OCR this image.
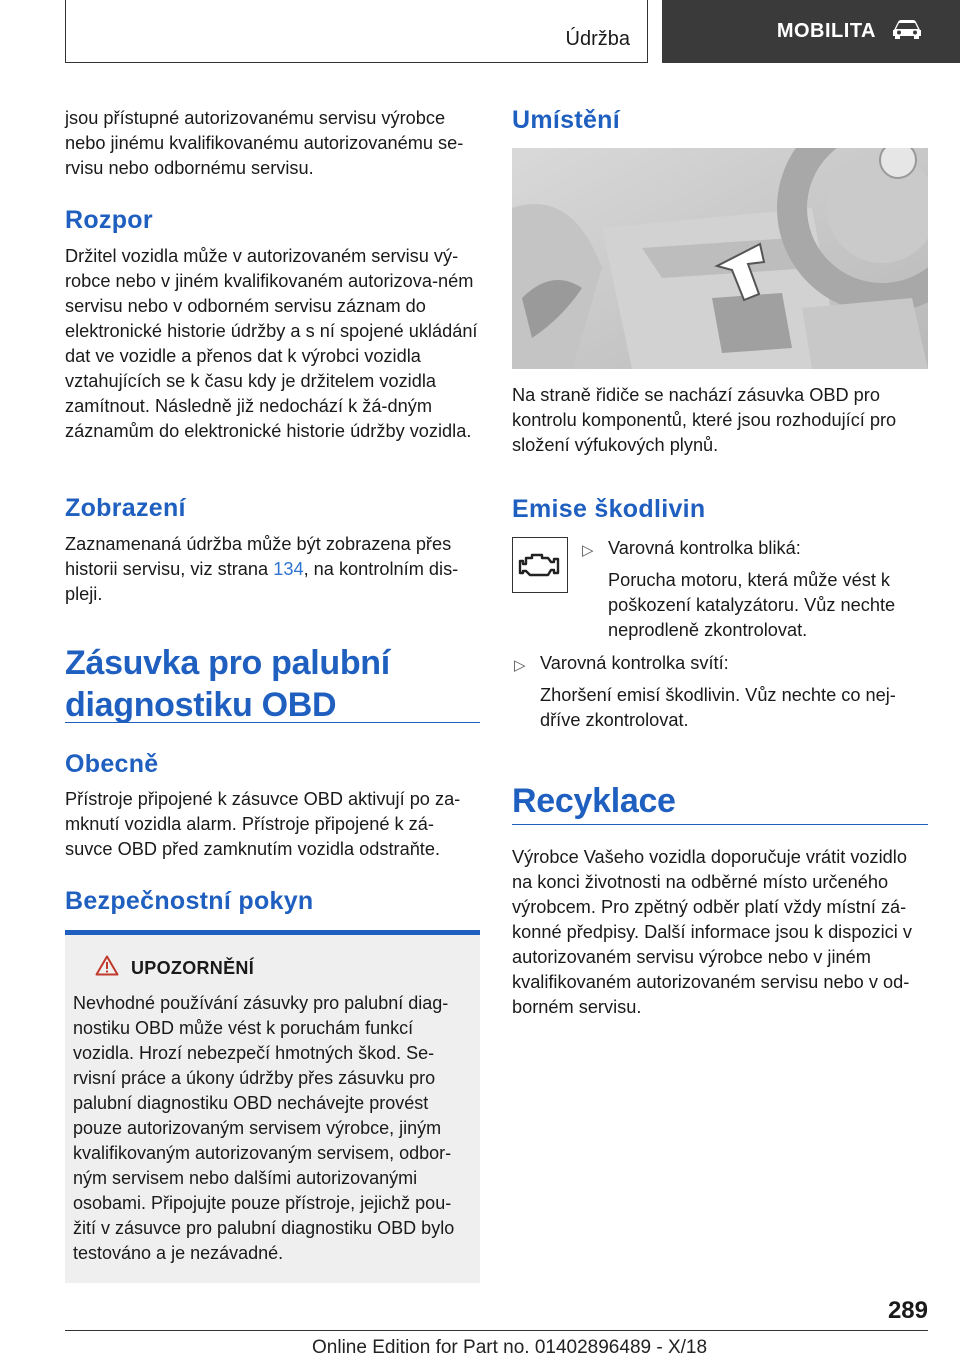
Údržba	MOBILITA

jsou přístupné autorizovanému servisu výrobce nebo jinému kvalifikovanému autorizovanému se-rvisu nebo odbornému servisu.

Rozpor

Držitel vozidla může v autorizovaném servisu vý-robce nebo v jiném kvalifikovaném autorizova-ném servisu nebo v odborném servisu záznam do elektronické historie údržby a s ní spojené ukládání dat ve vozidle a přenos dat k výrobci vozidla vztahujících se k času kdy je držitelem vozidla zamítnout. Následně již nedochází k žá-dným záznamům do elektronické historie údržby vozidla.

Zobrazení

Zaznamenaná údržba může být zobrazena přes historii servisu, viz strana 134, na kontrolním dis-pleji.

Zásuvka pro palubní
diagnostiku OBD
Obecně

Přístroje připojené k zásuvce OBD aktivují po za-mknutí vozidla alarm. Přístroje připojené k zá-suvce OBD před zamknutím vozidla odstraňte.

Bezpečnostní pokyn
UPOZORNĚNÍ

Nevhodné používání zásuvky pro palubní diag-nostiku OBD může vést k poruchám funkcí vozidla. Hrozí nebezpečí hmotných škod. Se-rvisní práce a úkony údržby přes zásuvku pro palubní diagnostiku OBD nechávejte provést pouze autorizovaným servisem výrobce, jiným kvalifikovaným autorizovaným servisem, odbor-ným servisem nebo dalšími autorizovanými osobami. Připojujte pouze přístroje, jejichž pou-žití v zásuvce pro palubní diagnostiku OBD bylo testováno a je nezávadné.

Umístění

Na straně řidiče se nachází zásuvka OBD pro kontrolu komponentů, které jsou rozhodující pro složení výfukových plynů.

Emise škodlivin
▷ Varovná kontrolka bliká:

Porucha motoru, která může vést k poškození katalyzátoru. Vůz nechte neprodleně zkontrolovat.

▷ Varovná kontrolka svítí:

Zhoršení emisí škodlivin. Vůz nechte co nej-dříve zkontrolovat.

Recyklace

Výrobce Vašeho vozidla doporučuje vrátit vozidlo na konci životnosti na odběrné místo určeného výrobcem. Pro zpětný odběr platí vždy místní zá-konné předpisy. Další informace jsou k dispozici v autorizovaném servisu výrobce nebo v jiném kvalifikovaném autorizovaném servisu nebo v od-borném servisu.

289
Online Edition for Part no. 01402896489 - X/18
